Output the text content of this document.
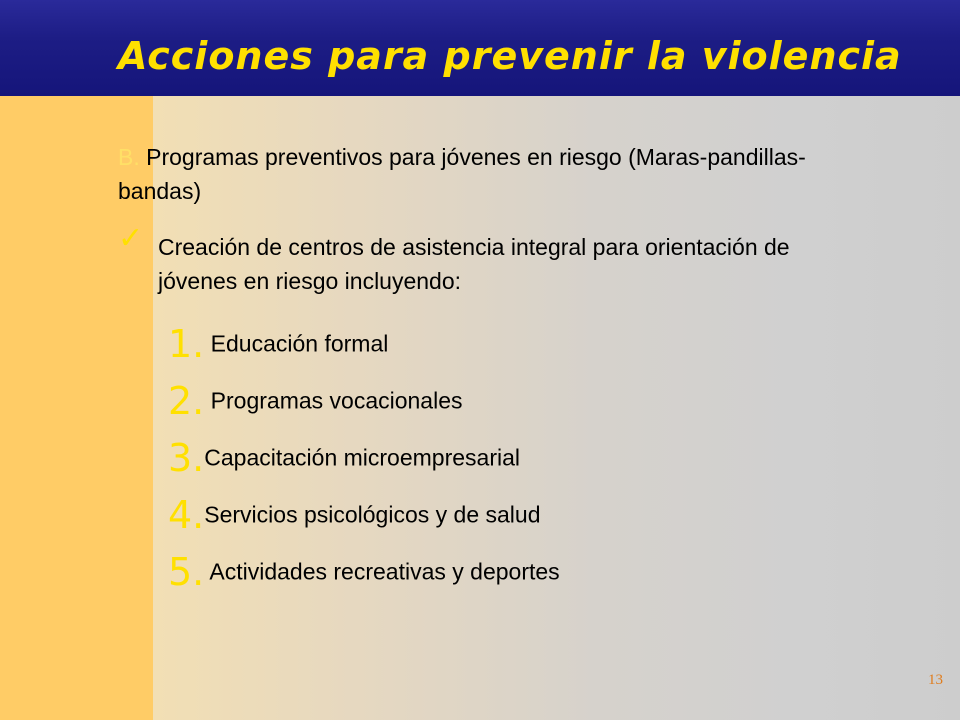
Acciones para prevenir la violencia
B. Programas preventivos para jóvenes en riesgo (Maras-pandillas-bandas)
✓ Creación de centros de asistencia integral para orientación de jóvenes en riesgo incluyendo:
1. Educación formal
2. Programas vocacionales
3.Capacitación microempresarial
4.Servicios psicológicos y de salud
5. Actividades recreativas y deportes
13
